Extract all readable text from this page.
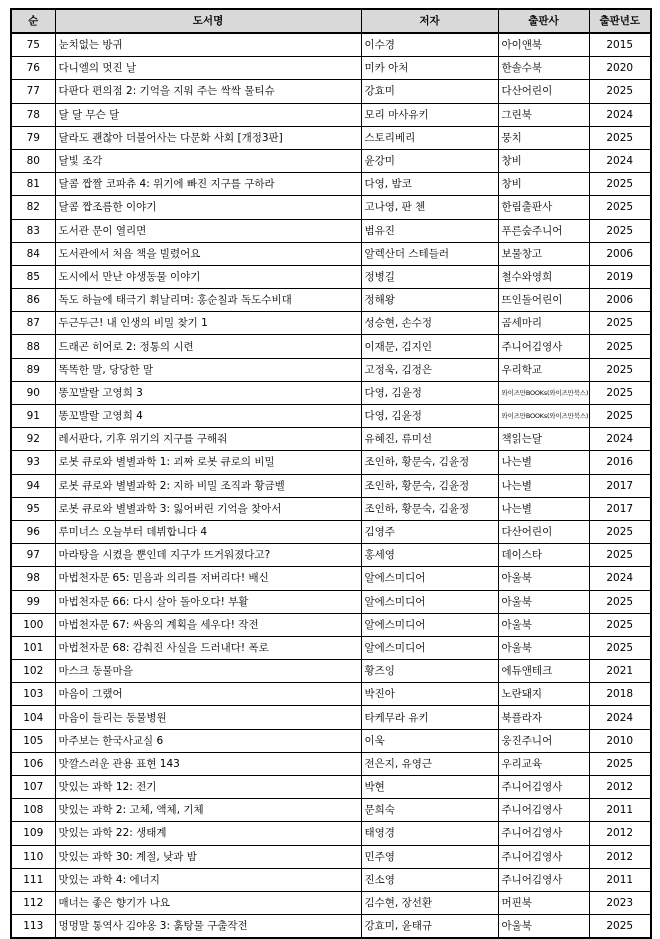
순	도서명	저자	출판사	출판년도
75	눈치없는 방귀	이수경	아이앤북	2015
76	다니엘의 멋진 날	미카 아처	한솔수북	2020
77	다판다 편의점 2: 기억을 지워 주는 싹싹 물티슈	강효미	다산어린이	2025
78	달 달 무슨 달	모리 마사유키	그린북	2024
79	달라도 괜찮아 더불어사는 다문화 사회 [개정3판]	스토리베리	뭉치	2025
80	달빛 조각	윤강미	창비	2024
81	달콤 짭짤 코파츄 4: 위기에 빠진 지구를 구하라	다영, 밤코	창비	2025
82	달콤 짭조름한 이야기	고나영, 판 첸	한림출판사	2025
83	도서관 문이 열리면	범유진	푸른숲주니어	2025
84	도서관에서 처음 책을 빌렸어요	알렉산더 스테들러	보물창고	2006
85	도시에서 만난 야생동물 이야기	정병길	철수와영희	2019
86	독도 하늘에 태극기 휘날리며: 홍순칠과 독도수비대	정해왕	뜨인돌어린이	2006
87	두근두근! 내 인생의 비밀 찾기 1	성승현, 손수정	곰세마리	2025
88	드래곤 히어로 2: 정통의 시련	이재문, 김지인	주니어김영사	2025
89	똑똑한 말, 당당한 말	고정욱, 김정은	우리학교	2025
90	똥꼬발랄 고영희 3	다영, 김윤정	와이즈만BOOKs(와이즈만북스)	2025
91	똥꼬발랄 고영희 4	다영, 김윤정	와이즈만BOOKs(와이즈만북스)	2025
92	레서판다, 기후 위기의 지구를 구해줘	유혜진, 류미선	책읽는달	2024
93	로봇 큐로와 별별과학 1: 괴짜 로봇 큐로의 비밀	조인하, 황문숙, 김윤정	나는별	2016
94	로봇 큐로와 별별과학 2: 지하 비밀 조직과 황금벨	조인하, 황문숙, 김윤정	나는별	2017
95	로봇 큐로와 별별과학 3: 잃어버린 기억을 찾아서	조인하, 황문숙, 김윤정	나는별	2017
96	루미너스 오늘부터 데뷔합니다 4	김영주	다산어린이	2025
97	마라탕을 시켰을 뿐인데 지구가 뜨거워졌다고?	홍세영	데이스타	2025
98	마법천자문 65: 믿음과 의리를 저버리다! 배신	알에스미디어	아울북	2024
99	마법천자문 66: 다시 살아 돌아오다! 부활	알에스미디어	아울북	2025
100	마법천자문 67: 싸움의 계획을 세우다! 작전	알에스미디어	아울북	2025
101	마법천자문 68: 감춰진 사실을 드러내다! 폭로	알에스미디어	아울북	2025
102	마스크 동물마을	황즈잉	에듀앤테크	2021
103	마음이 그랬어	박진아	노란돼지	2018
104	마음이 들리는 동물병원	타케무라 유키	북플라자	2024
105	마주보는 한국사교실 6	이욱	웅진주니어	2010
106	맛깔스러운 관용 표현 143	전은지, 유영근	우리교육	2025
107	맛있는 과학 12: 전기	박현	주니어김영사	2012
108	맛있는 과학 2: 고체, 액체, 기체	문희숙	주니어김영사	2011
109	맛있는 과학 22: 생태계	태영경	주니어김영사	2012
110	맛있는 과학 30: 계절, 낮과 밤	민주영	주니어김영사	2012
111	맛있는 과학 4: 에너지	진소영	주니어김영사	2011
112	매너는 좋은 향기가 나요	김수현, 장선환	머핀북	2023
113	멍멍말 통역사 김야옹 3: 훍탕물 구출작전	강효미, 윤태규	아울북	2025
